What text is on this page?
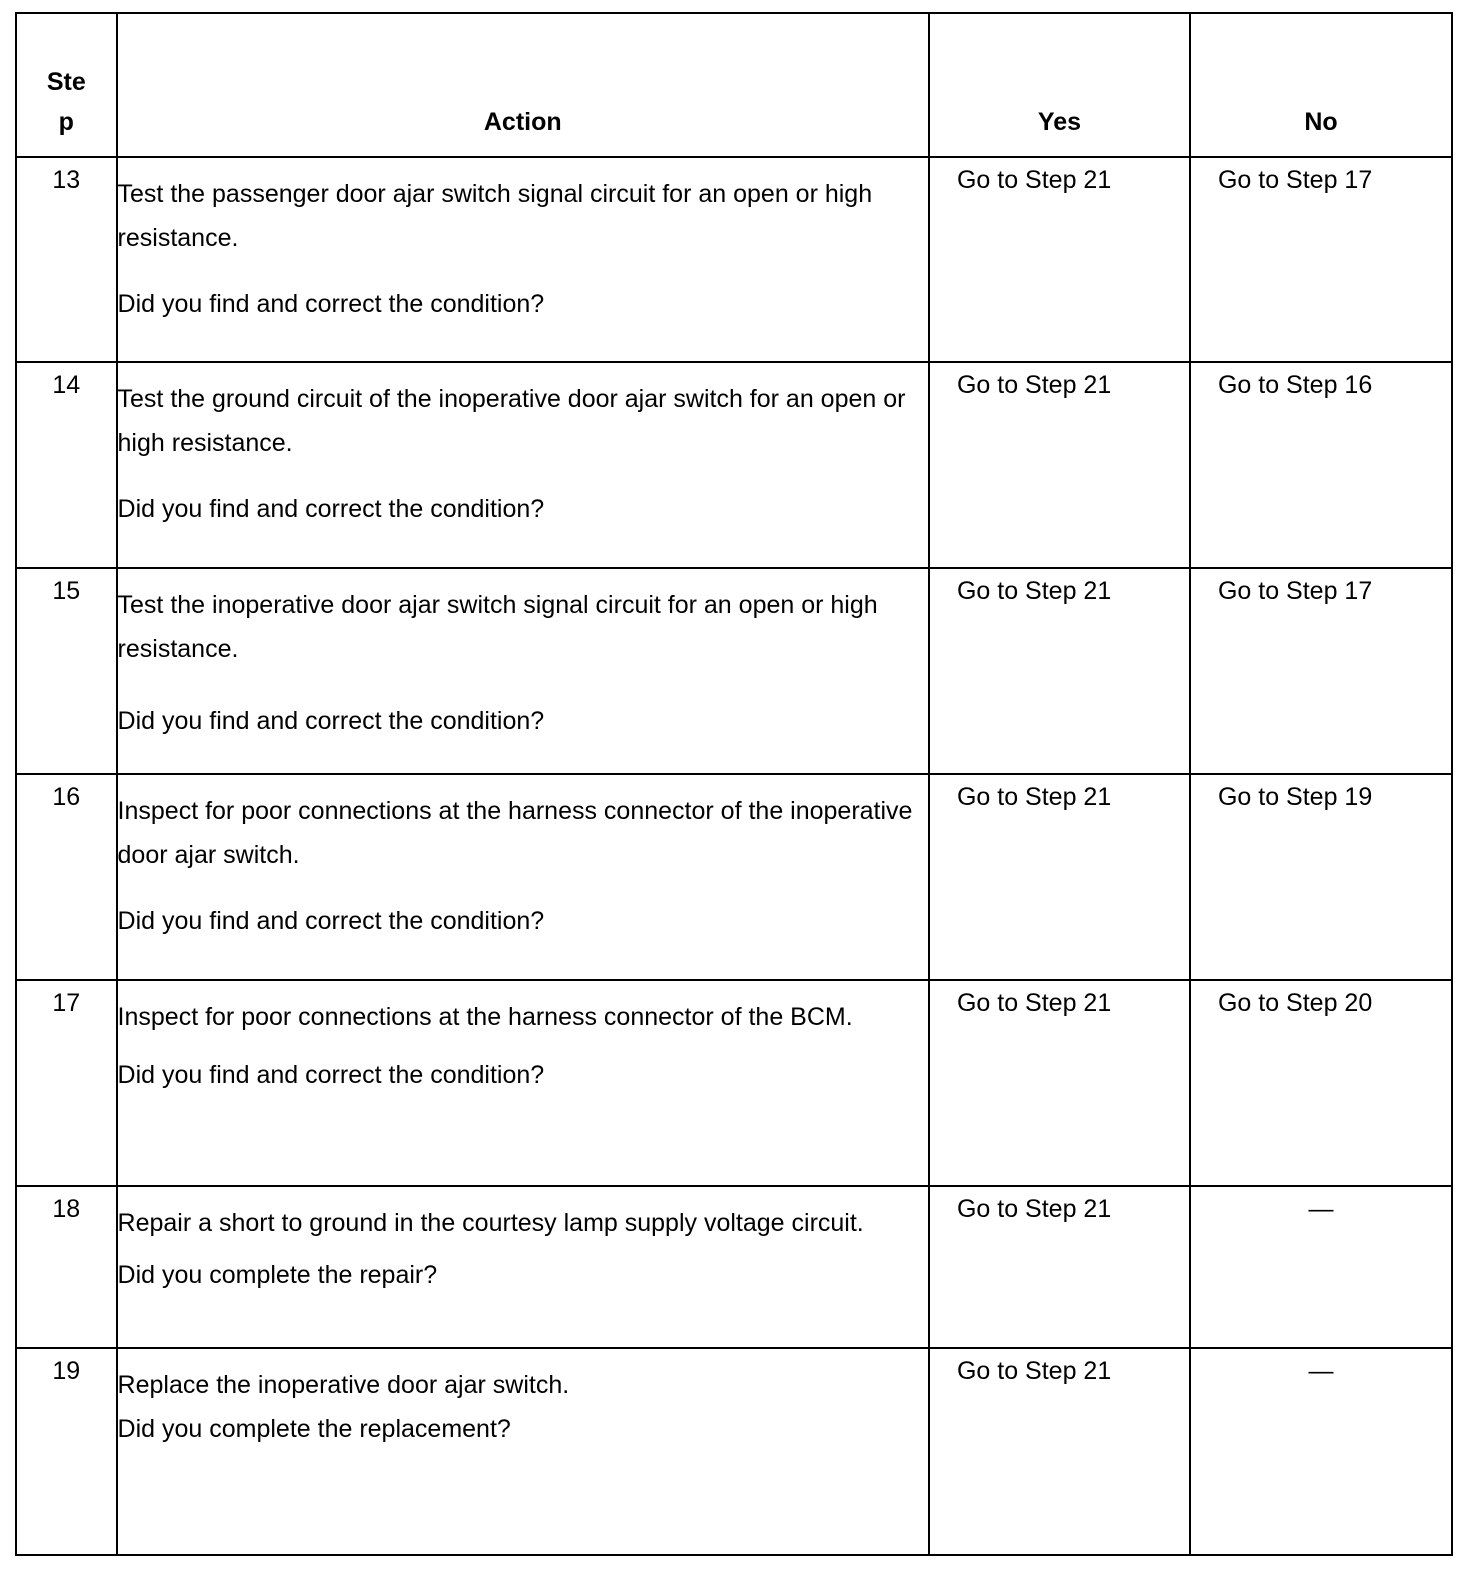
Step	Action	Yes	No

13	Test the passenger door ajar switch signal circuit for an open or high resistance.
Did you find and correct the condition?	Go to Step 21	Go to Step 17

14	Test the ground circuit of the inoperative door ajar switch for an open or high resistance.
Did you find and correct the condition?	Go to Step 21	Go to Step 16

15	Test the inoperative door ajar switch signal circuit for an open or high resistance.
Did you find and correct the condition?	Go to Step 21	Go to Step 17

16	Inspect for poor connections at the harness connector of the inoperative door ajar switch.
Did you find and correct the condition?	Go to Step 21	Go to Step 19

17	Inspect for poor connections at the harness connector of the BCM.
Did you find and correct the condition?	Go to Step 21	Go to Step 20

18	Repair a short to ground in the courtesy lamp supply voltage circuit.
Did you complete the repair?	Go to Step 21	—
19	Replace the inoperative door ajar switch.
Did you complete the replacement?	Go to Step 21	—
